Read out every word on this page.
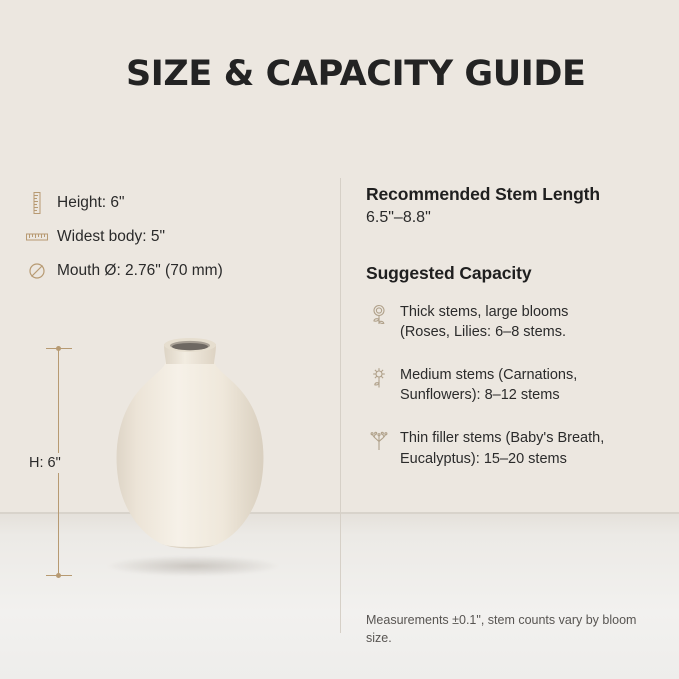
SIZE & CAPACITY GUIDE
Height: 6"
Widest body: 5"
Mouth Ø: 2.76" (70 mm)
H: 6"
Recommended Stem Length
6.5"–8.8"
Suggested Capacity
Thick stems, large blooms
(Roses, Lilies: 6–8 stems.
Medium stems (Carnations,
Sunflowers): 8–12 stems
Thin filler stems (Baby's Breath,
Eucalyptus): 15–20 stems
Measurements ±0.1", stem counts vary by bloom size.
